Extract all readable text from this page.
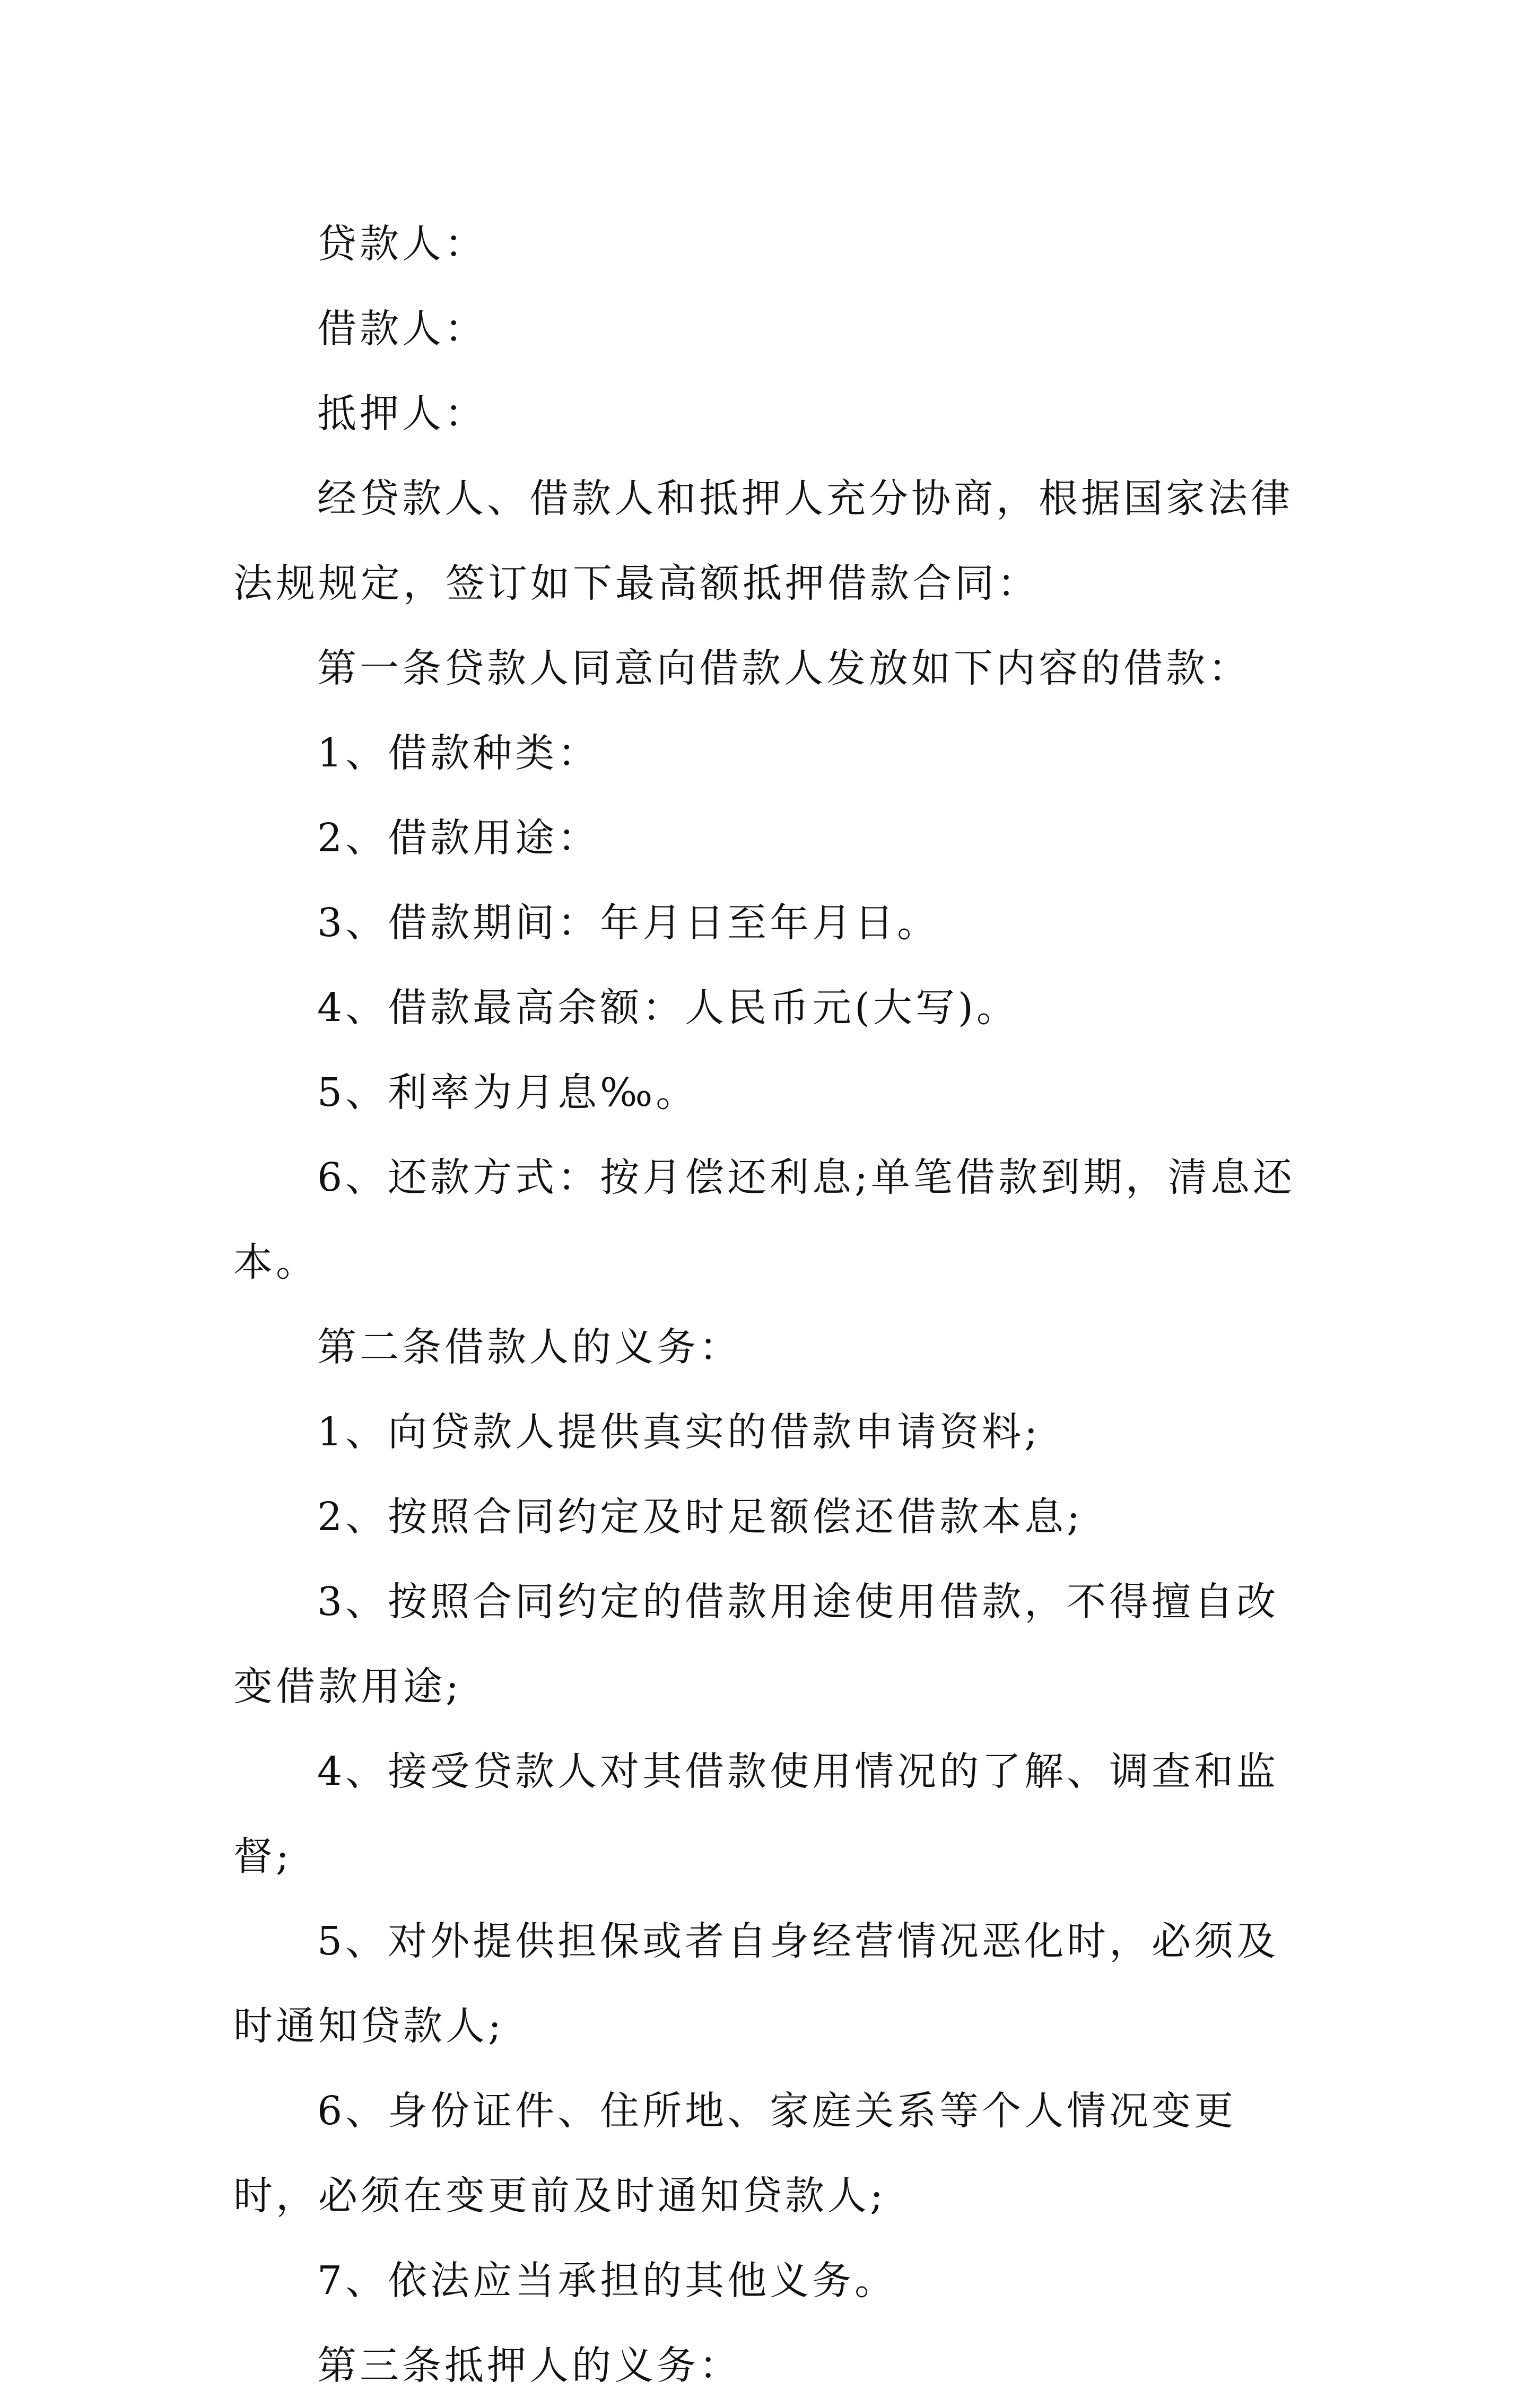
贷款人：

借款人：

抵押人：

经贷款人、借款人和抵押人充分协商，根据国家法律法规规定，签订如下最高额抵押借款合同：

第一条贷款人同意向借款人发放如下内容的借款：

1、借款种类：

2、借款用途：

3、借款期间：年月日至年月日。

4、借款最高余额：人民币元(大写)。

5、利率为月息‰。

6、还款方式：按月偿还利息;单笔借款到期，清息还本。

第二条借款人的义务：

1、向贷款人提供真实的借款申请资料;

2、按照合同约定及时足额偿还借款本息;

3、按照合同约定的借款用途使用借款，不得擅自改变借款用途;

4、接受贷款人对其借款使用情况的了解、调查和监督;

5、对外提供担保或者自身经营情况恶化时，必须及时通知贷款人;

6、身份证件、住所地、家庭关系等个人情况变更时，必须在变更前及时通知贷款人;

7、依法应当承担的其他义务。

第三条抵押人的义务：
